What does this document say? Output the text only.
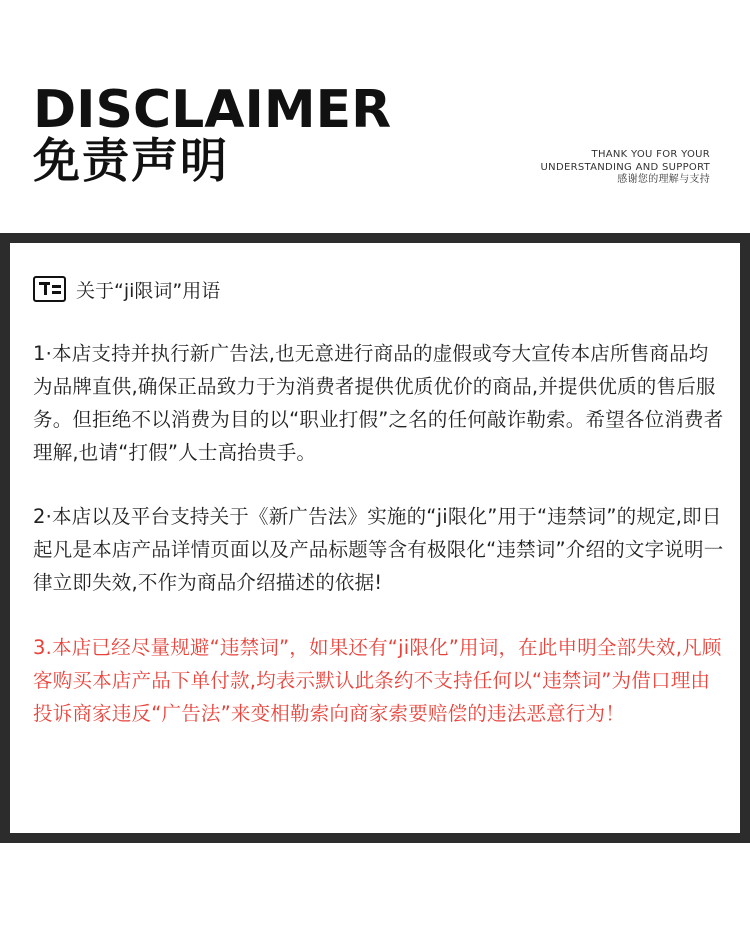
DISCLAIMER
免责声明	THANK YOU FOR YOUR
UNDERSTANDING AND SUPPORT
感谢您的理解与支持
关于“ji限词”用语

1·本店支持并执行新广告法,也无意进行商品的虚假或夸大宣传本店所售商品均为品牌直供,确保正品致力于为消费者提供优质优价的商品,并提供优质的售后服务。但拒绝不以消费为目的以“职业打假”之名的任何敲诈勒索。希望各位消费者理解,也请“打假”人士高抬贵手。

2·本店以及平台支持关于《新广告法》实施的“ji限化”用于“违禁词”的规定,即日起凡是本店产品详情页面以及产品标题等含有极限化“违禁词”介绍的文字说明一律立即失效,不作为商品介绍描述的依据!

3.本店已经尽量规避“违禁词”，如果还有“ji限化”用词，在此申明全部失效,凡顾客购买本店产品下单付款,均表示默认此条约不支持任何以“违禁词”为借口理由投诉商家违反“广告法”来变相勒索向商家索要赔偿的违法恶意行为！
